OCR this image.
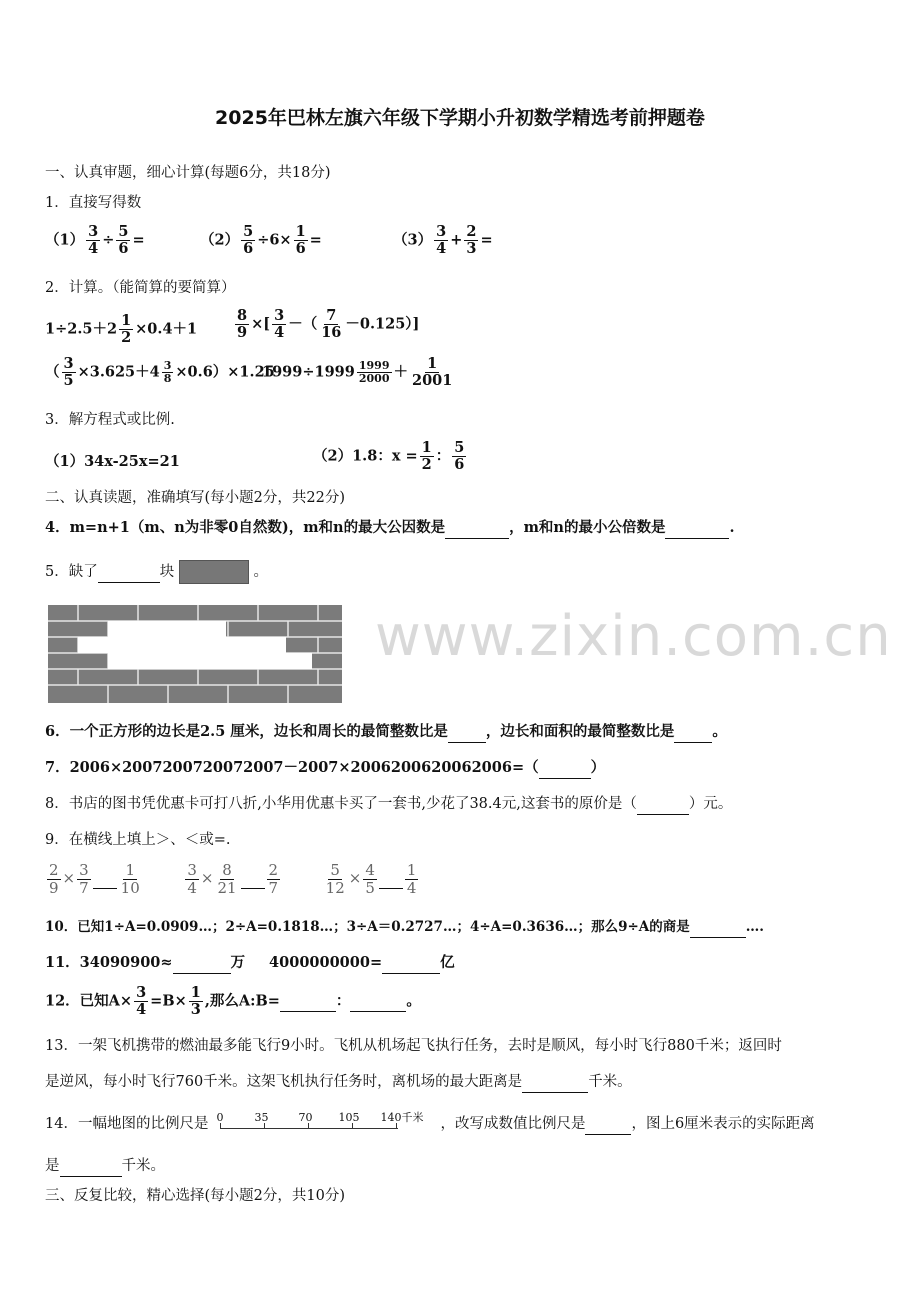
2025年巴林左旗六年级下学期小升初数学精选考前押题卷
www.zixin.com.cn
一、认真审题，细心计算(每题6分，共18分)
1．直接写得数
$(1) \frac{3}{4} \div \frac{5}{6}$ =	$(2) \frac{5}{6} \div 6\times \frac{1}{6}$ =	$(3) \frac{3}{4} + \frac{2}{3}$ =
2．计算。（能简算的要简算）
$1\div 2.5+2 \frac{1}{2} \times 0.4+1$	$\frac{8}{9}$ ×[ $\frac{3}{4}$ －（ $\frac{7}{16} -0.125$）]
（ $\frac{3}{5} \times 3.625+4 \frac{3}{8} \times 0.6)\times 1.25$
$1999\div 1999 \frac{1999}{2000} + \frac{1}{2001}$
3．解方程式或比例.
（1）34x-25x=21	（2）1.8：$x = \frac{1}{2}$ ： $\frac{5}{6}$
二、认真读题，准确填写(每小题2分，共22分)
4．m=n+1（m、n为非零0自然数)，m和n的最大公因数是	，m和n的最小公倍数是	.
5．缺了	块	。
6．一个正方形的边长是2.5 厘米，边长和周长的最简整数比是	，边长和面积的最简整数比是	。
7．2006×2007200720072007－2007×2006200620062006=（	）
8．书店的图书凭优惠卡可打八折,小华用优惠卡买了一套书,少花了38.4元,这套书的原价是（	）元。
9．在横线上填上＞、＜或=.
$\frac{2}{9} \times \frac{3}{7}$
$\frac{1}{10}$
	$\frac{3}{4} \times \frac{8}{21}$
$\frac{2}{7}$
	$\frac{5}{12} \times \frac{4}{5}$
$\frac{1}{4}$
10．已知1÷A=0.0909…；2÷A=0.1818…；3÷A＝0.2727…；4÷A=0.3636…；那么9÷A的商是	….
11．34090900≈	万 4000000000=	亿
12．已知$A\times \frac{3}{4} =B\times \frac{1}{3}$ ,那么A:B=	：	。
13．一架飞机携带的燃油最多能飞行9小时。飞机从机场起飞执行任务，去时是顺风，每小时飞行880千米；返回时
是逆风，每小时飞行760千米。这架飞机执行任务时，离机场的最大距离是	千米。
14．一幅地图的比例尺是 0	35	70 105 140千米 ，改写成数值比例尺是	，图上6厘米表示的实际距离
是	千米。
三、反复比较，精心选择(每小题2分，共10分)
